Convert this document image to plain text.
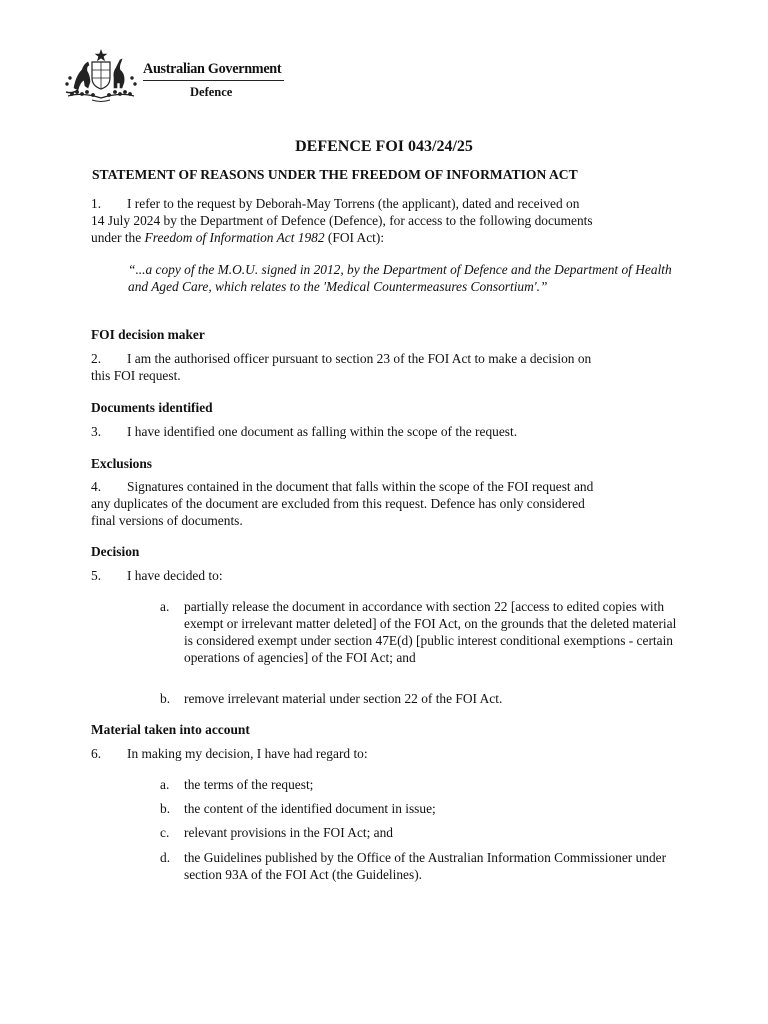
Australian Government
Defence
DEFENCE FOI 043/24/25
STATEMENT OF REASONS UNDER THE FREEDOM OF INFORMATION ACT

1. I refer to the request by Deborah-May Torrens (the applicant), dated and received on

14 July 2024 by the Department of Defence (Defence), for access to the following documents

under the Freedom of Information Act 1982 (FOI Act):

“...a copy of the M.O.U. signed in 2012, by the Department of Defence and the Department of Health and Aged Care, which relates to the 'Medical Countermeasures Consortium'.”
FOI decision maker

2. I am the authorised officer pursuant to section 23 of the FOI Act to make a decision on

this FOI request.

Documents identified

3. I have identified one document as falling within the scope of the request.

Exclusions

4. Signatures contained in the document that falls within the scope of the FOI request and

any duplicates of the document are excluded from this request. Defence has only considered

final versions of documents.

Decision

5. I have decided to:

a.	partially release the document in accordance with section 22 [access to edited copies with exempt or irrelevant matter deleted] of the FOI Act, on the grounds that the deleted material is considered exempt under section 47E(d) [public interest conditional exemptions - certain operations of agencies] of the FOI Act; and
b.	remove irrelevant material under section 22 of the FOI Act.
Material taken into account

6. In making my decision, I have had regard to:

a.	the terms of the request;
b.	the content of the identified document in issue;
c.	relevant provisions in the FOI Act; and
d.	the Guidelines published by the Office of the Australian Information Commissioner under section 93A of the FOI Act (the Guidelines).
